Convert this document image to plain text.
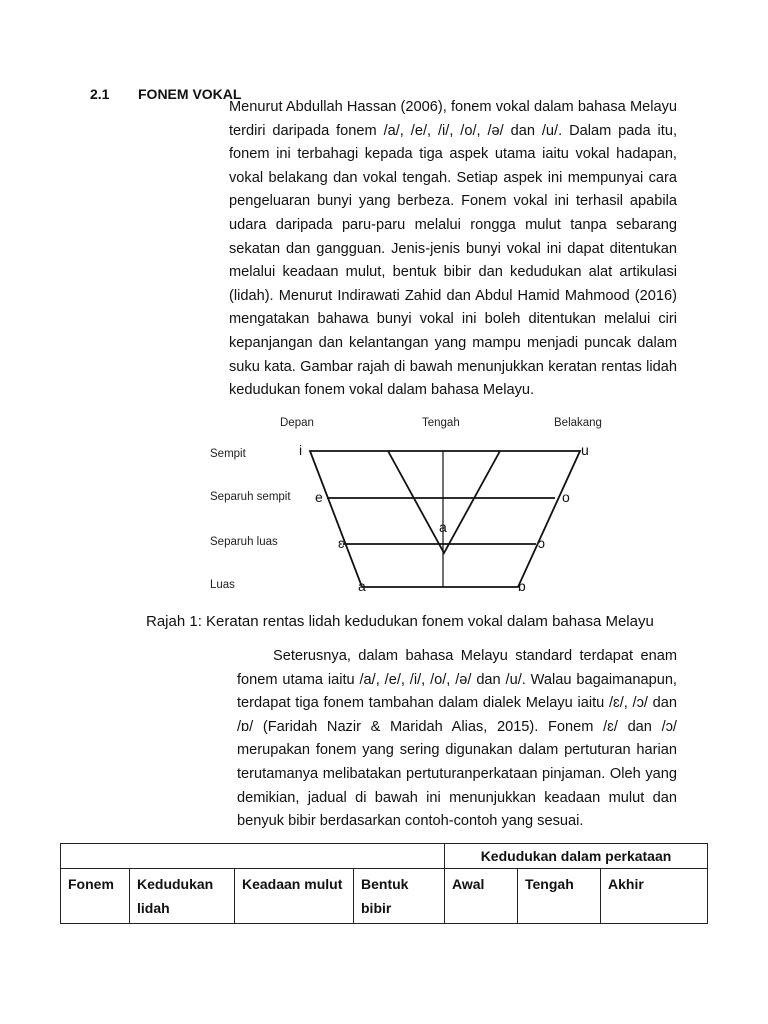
2.1 FONEM VOKAL

Menurut Abdullah Hassan (2006), fonem vokal dalam bahasa Melayu terdiri daripada fonem /a/, /e/, /i/, /o/, /ə/ dan /u/. Dalam pada itu, fonem ini terbahagi kepada tiga aspek utama iaitu vokal hadapan, vokal belakang dan vokal tengah. Setiap aspek ini mempunyai cara pengeluaran bunyi yang berbeza. Fonem vokal ini terhasil apabila udara daripada paru-paru melalui rongga mulut tanpa sebarang sekatan dan gangguan. Jenis-jenis bunyi vokal ini dapat ditentukan melalui keadaan mulut, bentuk bibir dan kedudukan alat artikulasi (lidah). Menurut Indirawati Zahid dan Abdul Hamid Mahmood (2016) mengatakan bahawa bunyi vokal ini boleh ditentukan melalui ciri kepanjangan dan kelantangan yang mampu menjadi puncak dalam suku kata. Gambar rajah di bawah menunjukkan keratan rentas lidah kedudukan fonem vokal dalam bahasa Melayu.

Depan	Tengah	Belakang
Sempit
Separuh sempit
Separuh luas
Luas
i	u
e	o
ɛ	ɔ
a
a	ɒ

Rajah 1: Keratan rentas lidah kedudukan fonem vokal dalam bahasa Melayu

Seterusnya, dalam bahasa Melayu standard terdapat enam fonem utama iaitu /a/, /e/, /i/, /o/, /ə/ dan /u/. Walau bagaimanapun, terdapat tiga fonem tambahan dalam dialek Melayu iaitu /ɛ/, /ɔ/ dan /ɒ/ (Faridah Nazir & Maridah Alias, 2015). Fonem /ɛ/ dan /ɔ/ merupakan fonem yang sering digunakan dalam pertuturan harian terutamanya melibatakan pertuturanperkataan pinjaman. Oleh yang demikian, jadual di bawah ini menunjukkan keadaan mulut dan benyuk bibir berdasarkan contoh-contoh yang sesuai.

				Kedudukan dalam perkataan		
Fonem	Kedudukan lidah	Keadaan mulut	Bentuk bibir	Awal	Tengah	Akhir
